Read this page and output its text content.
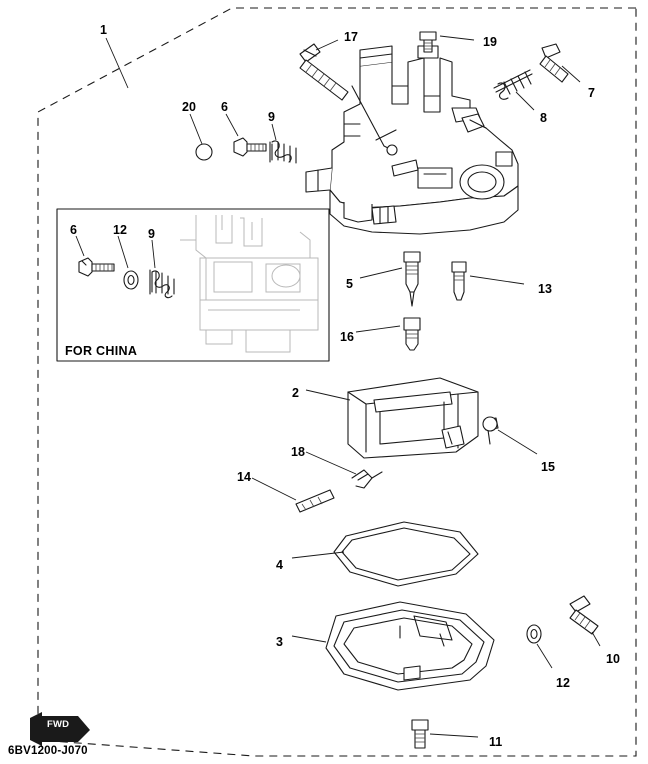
FWD
FOR CHINA
6BV1200-J070
1	17	19
7
8
20 6
9
6	12 9
5	13
16
2
15
18
14
4
3
10
12
11
